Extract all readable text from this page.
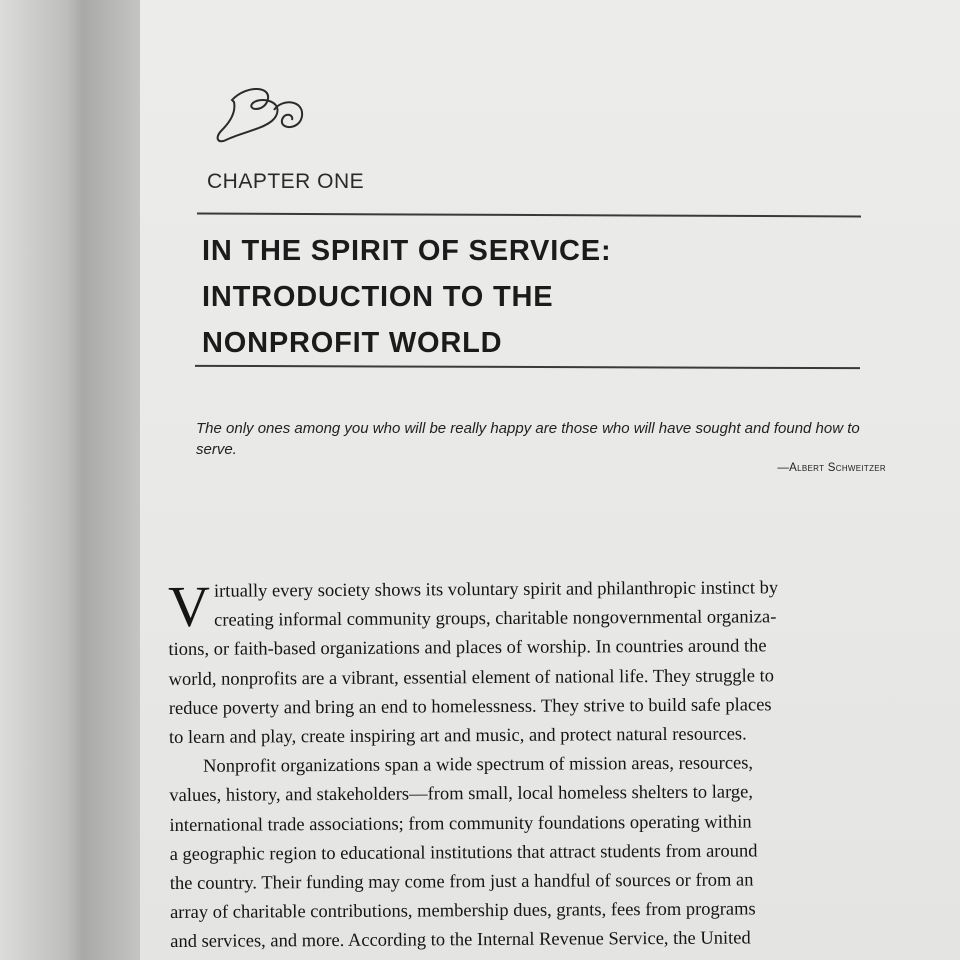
CHAPTER ONE
IN THE SPIRIT OF SERVICE:
INTRODUCTION TO THE
NONPROFIT WORLD

The only ones among you who will be really happy are those who will have sought and found how to serve.

—Albert Schweitzer
V irtually every society shows its voluntary spirit and philanthropic instinct by
creating informal community groups, charitable nongovernmental organiza-
tions, or faith-based organizations and places of worship. In countries around the
world, nonprofits are a vibrant, essential element of national life. They struggle to
reduce poverty and bring an end to homelessness. They strive to build safe places
to learn and play, create inspiring art and music, and protect natural resources.
Nonprofit organizations span a wide spectrum of mission areas, resources,
values, history, and stakeholders—from small, local homeless shelters to large,
international trade associations; from community foundations operating within
a geographic region to educational institutions that attract students from around
the country. Their funding may come from just a handful of sources or from an
array of charitable contributions, membership dues, grants, fees from programs
and services, and more. According to the Internal Revenue Service, the United
